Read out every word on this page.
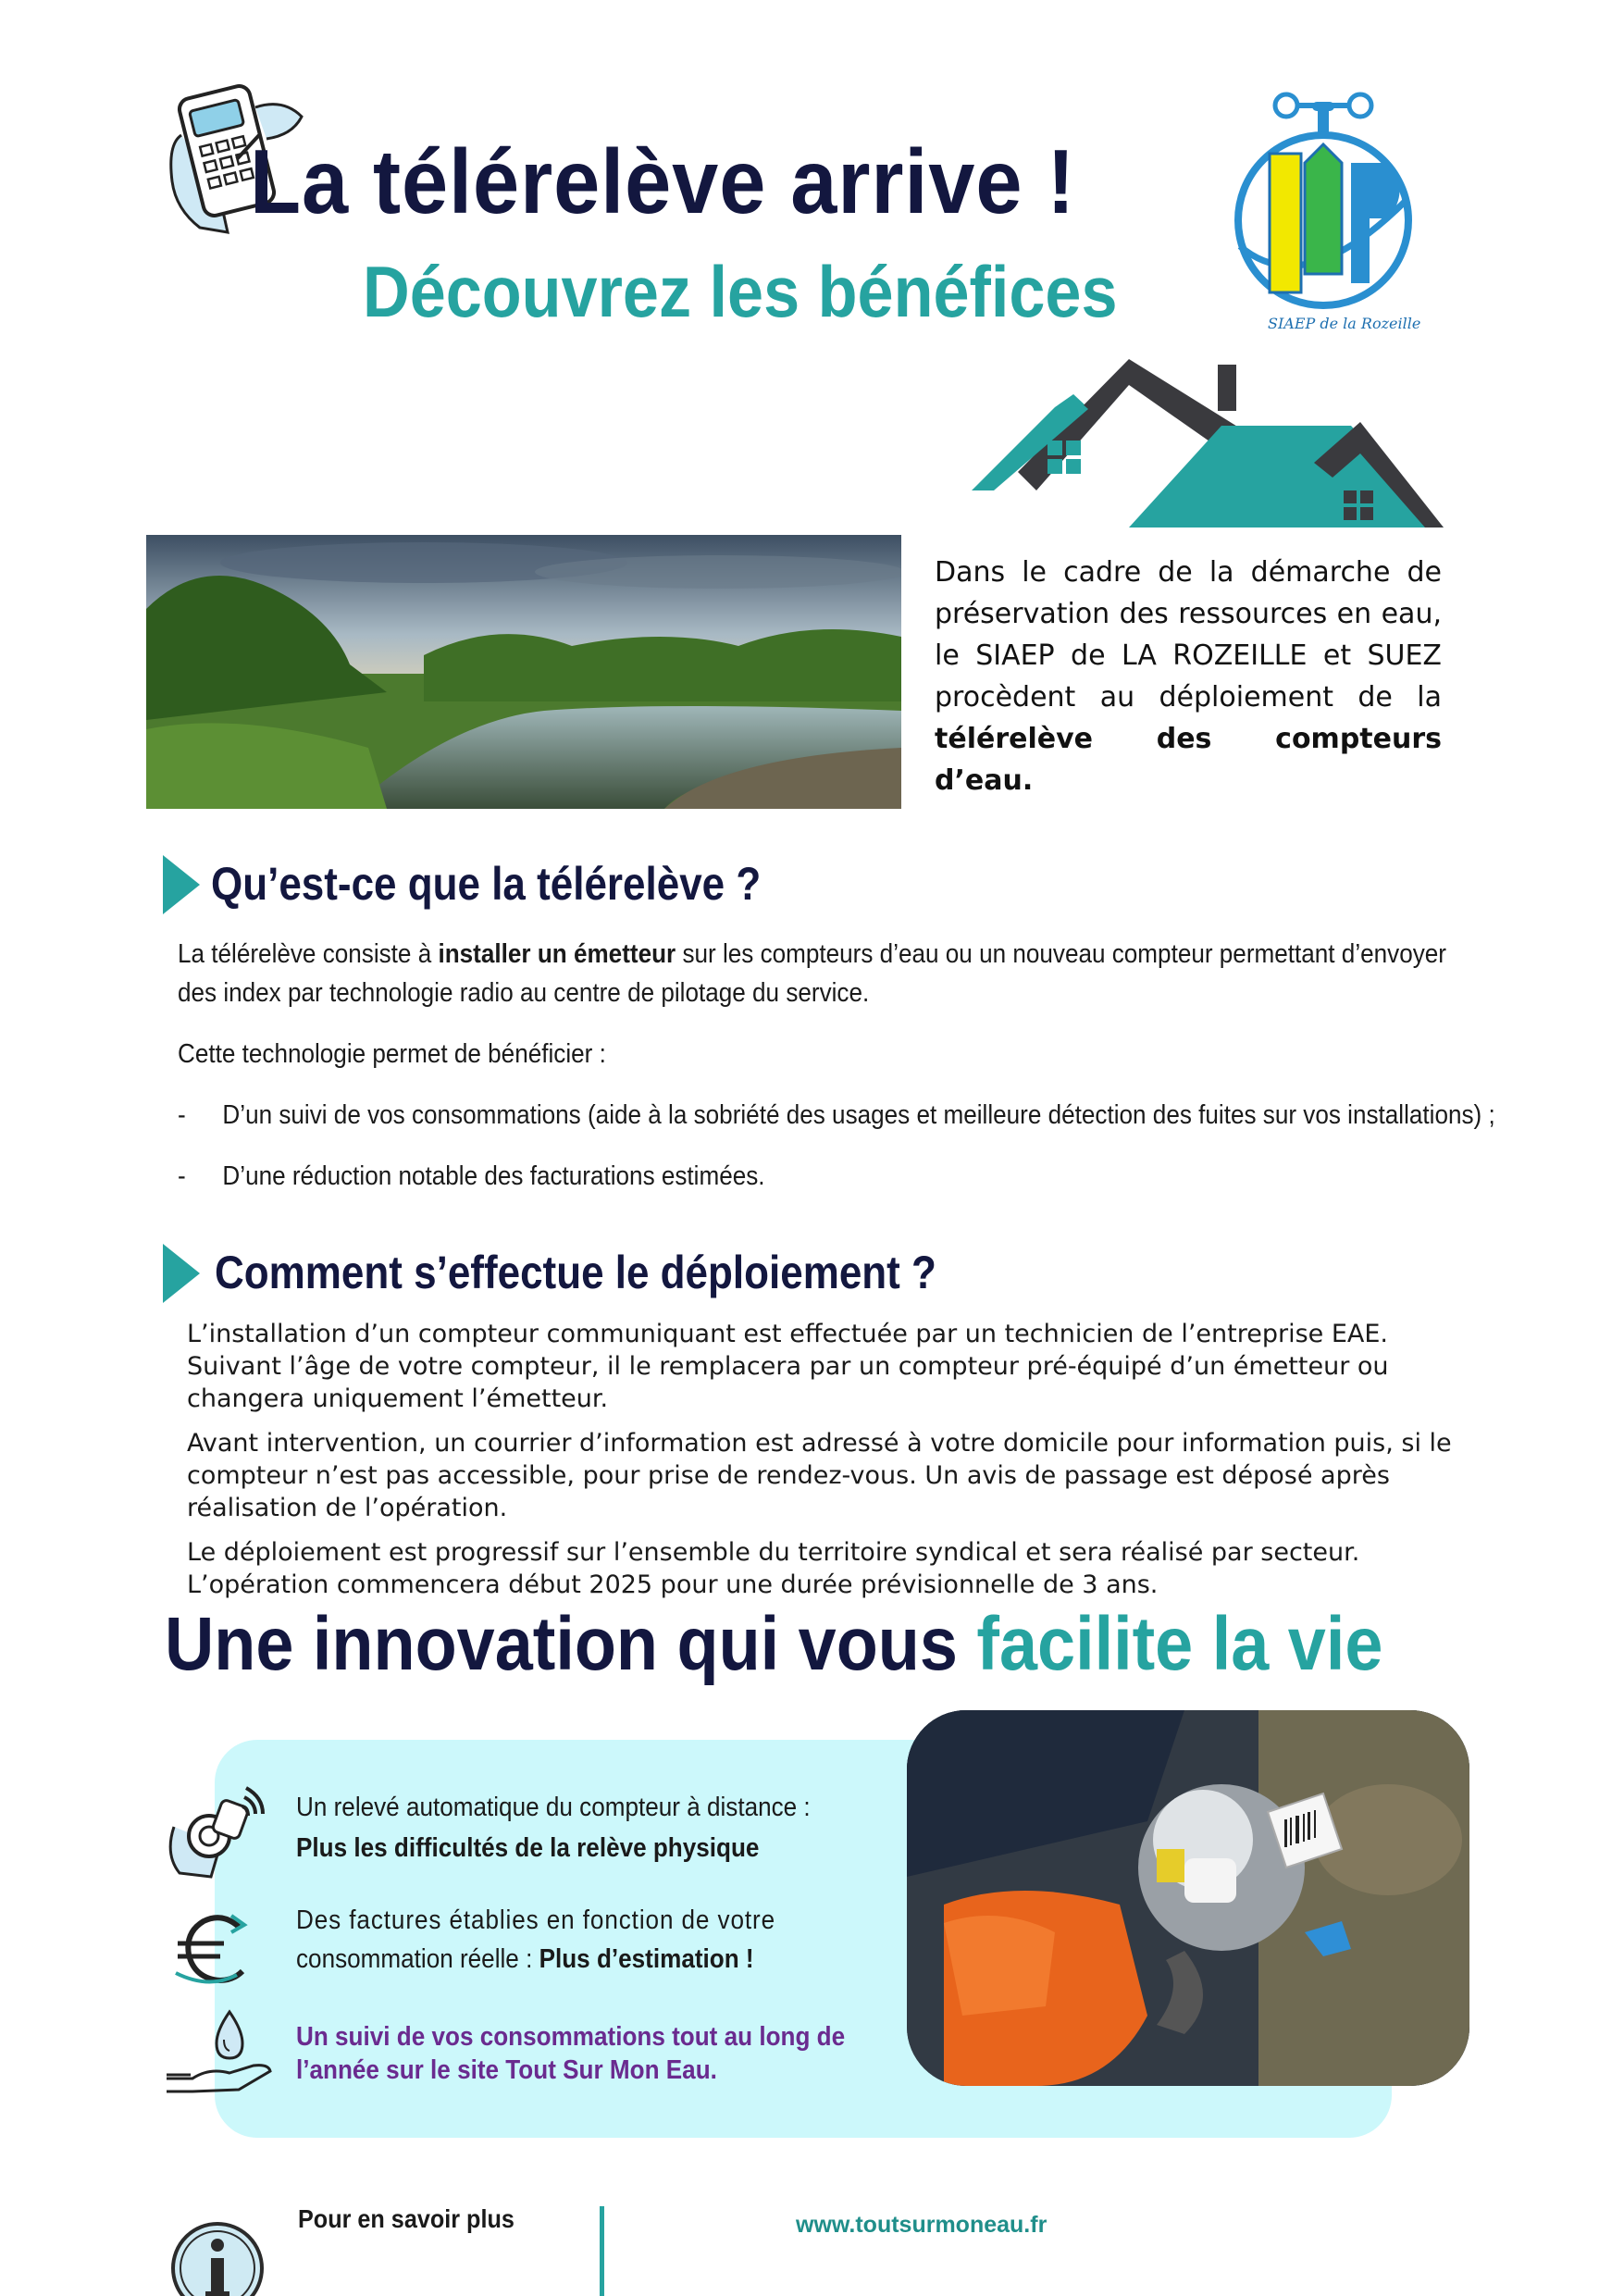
La télérelève arrive !
Découvrez les bénéfices	SIAEP de la Rozeille
Dans le cadre de la démarche de préservation des ressources en eau, le SIAEP de LA ROZEILLE et SUEZ procèdent au déploiement de la télérelève des compteurs d’eau.
Qu’est-ce que la télérelève ?
La télérelève consiste à installer un émetteur sur les compteurs d’eau ou un nouveau compteur permettant d’envoyer des index par technologie radio au centre de pilotage du service.
Cette technologie permet de bénéficier :
- D’un suivi de vos consommations (aide à la sobriété des usages et meilleure détection des fuites sur vos installations) ;
- D’une réduction notable des facturations estimées.
Comment s’effectue le déploiement ?
L’installation d’un compteur communiquant est effectuée par un technicien de l’entreprise EAE. Suivant l’âge de votre compteur, il le remplacera par un compteur pré-équipé d’un émetteur ou changera uniquement l’émetteur.
Avant intervention, un courrier d’information est adressé à votre domicile pour information puis, si le compteur n’est pas accessible, pour prise de rendez-vous. Un avis de passage est déposé après réalisation de l’opération.
Le déploiement est progressif sur l’ensemble du territoire syndical et sera réalisé par secteur. L’opération commencera début 2025 pour une durée prévisionnelle de 3 ans.
Une innovation qui vous facilite la vie
Un relevé automatique du compteur à distance :
Plus les difficultés de la relève physique
Des factures établies en fonction de votre
consommation réelle : Plus d’estimation !
Un suivi de vos consommations tout au long de
l’année sur le site Tout Sur Mon Eau.
Pour en savoir plus	www.toutsurmoneau.fr
